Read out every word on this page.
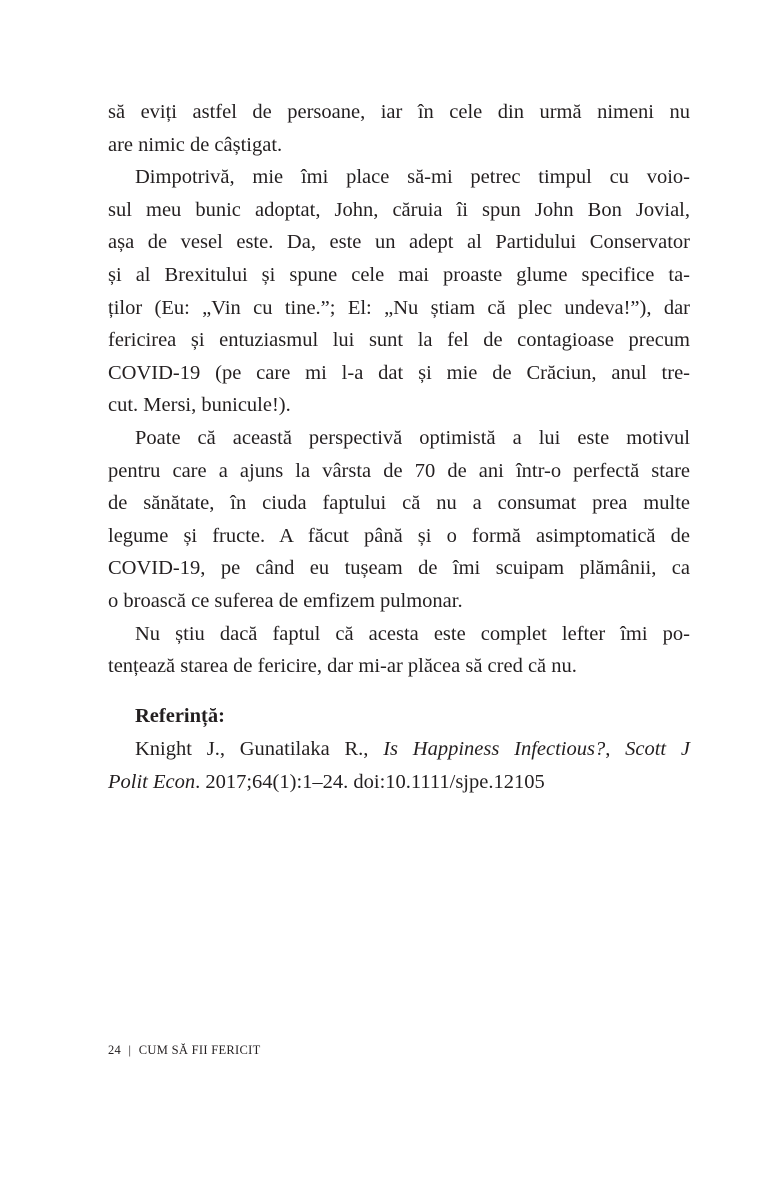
să eviți astfel de persoane, iar în cele din urmă nimeni nu
are nimic de câștigat.
Dimpotrivă, mie îmi place să-mi petrec timpul cu voio-
sul meu bunic adoptat, John, căruia îi spun John Bon Jovial,
așa de vesel este. Da, este un adept al Partidului Conservator
și al Brexitului și spune cele mai proaste glume specifice ta-
ților (Eu: „Vin cu tine.”; El: „Nu știam că plec undeva!”), dar
fericirea și entuziasmul lui sunt la fel de contagioase precum
COVID-19 (pe care mi l-a dat și mie de Crăciun, anul tre-
cut. Mersi, bunicule!).
Poate că această perspectivă optimistă a lui este motivul
pentru care a ajuns la vârsta de 70 de ani într-o perfectă stare
de sănătate, în ciuda faptului că nu a consumat prea multe
legume și fructe. A făcut până și o formă asimptomatică de
COVID-19, pe când eu tușeam de îmi scuipam plămânii, ca
o broască ce suferea de emfizem pulmonar.
Nu știu dacă faptul că acesta este complet lefter îmi po-
tențează starea de fericire, dar mi-ar plăcea să cred că nu.
Referință:
Knight J., Gunatilaka R., Is Happiness Infectious?, Scott J
Polit Econ. 2017;64(1):1–24. doi:10.1111/sjpe.12105
24 | CUM SĂ FII FERICIT
